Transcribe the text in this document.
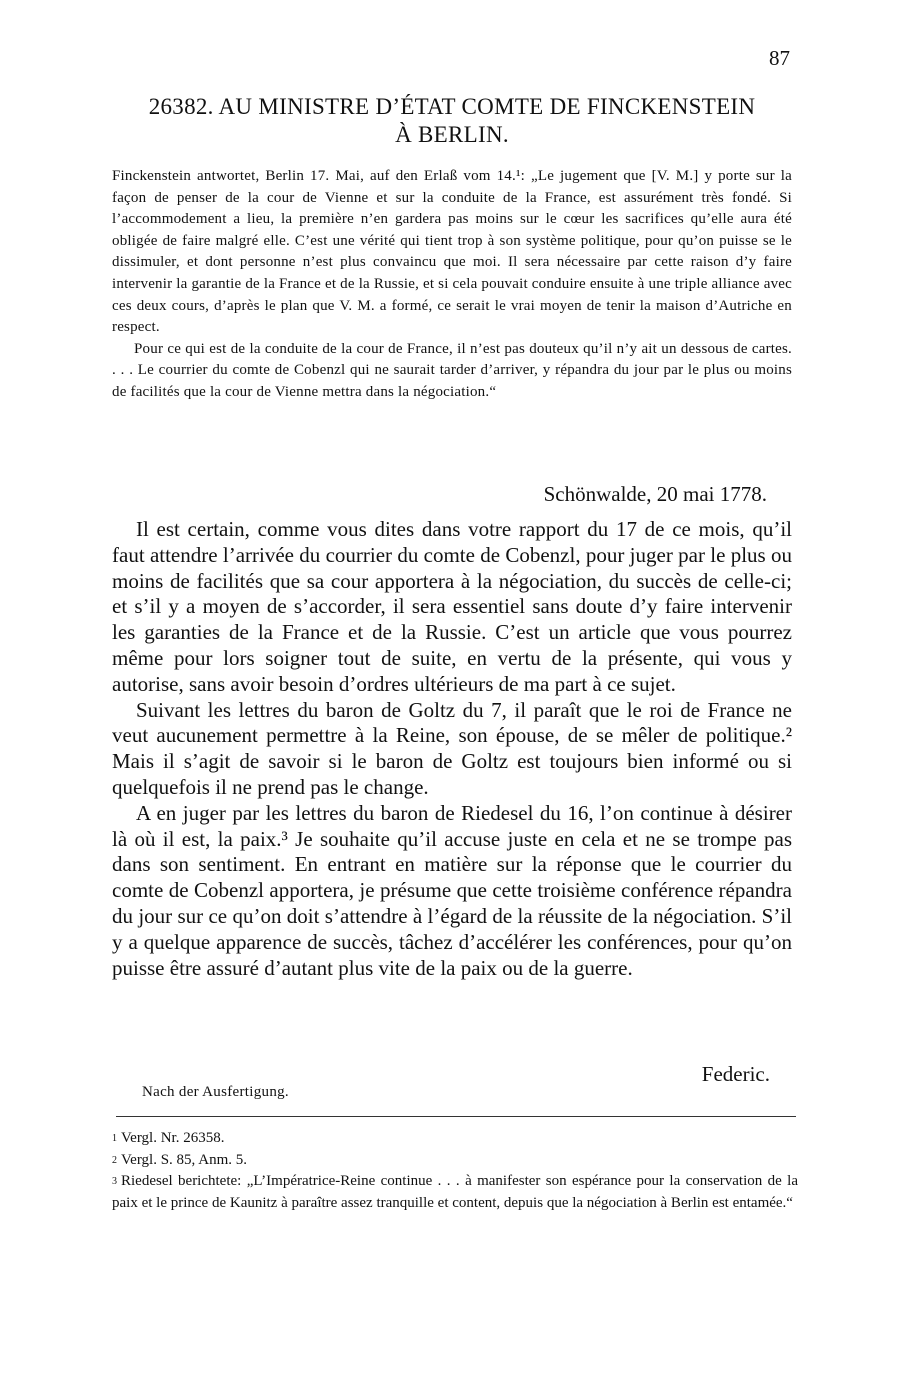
87
26382. AU MINISTRE D’ÉTAT COMTE DE FINCKENSTEIN
À BERLIN.

Finckenstein antwortet, Berlin 17. Mai, auf den Erlaß vom 14.¹: „Le jugement que [V. M.] y porte sur la façon de penser de la cour de Vienne et sur la conduite de la France, est assurément très fondé. Si l’accommodement a lieu, la première n’en gardera pas moins sur le cœur les sacrifices qu’elle aura été obligée de faire malgré elle. C’est une vérité qui tient trop à son système politique, pour qu’on puisse se le dissimuler, et dont personne n’est plus convaincu que moi. Il sera nécessaire par cette raison d’y faire intervenir la garantie de la France et de la Russie, et si cela pouvait conduire ensuite à une triple alliance avec ces deux cours, d’après le plan que V. M. a formé, ce serait le vrai moyen de tenir la maison d’Autriche en respect.

Pour ce qui est de la conduite de la cour de France, il n’est pas douteux qu’il n’y ait un dessous de cartes. . . . Le courrier du comte de Cobenzl qui ne saurait tarder d’arriver, y répandra du jour par le plus ou moins de facilités que la cour de Vienne mettra dans la négociation.“

Schönwalde, 20 mai 1778.

Il est certain, comme vous dites dans votre rapport du 17 de ce mois, qu’il faut attendre l’arrivée du courrier du comte de Cobenzl, pour juger par le plus ou moins de facilités que sa cour apportera à la négociation, du succès de celle-ci; et s’il y a moyen de s’accorder, il sera essentiel sans doute d’y faire intervenir les garanties de la France et de la Russie. C’est un article que vous pourrez même pour lors soigner tout de suite, en vertu de la présente, qui vous y autorise, sans avoir besoin d’ordres ultérieurs de ma part à ce sujet.

Suivant les lettres du baron de Goltz du 7, il paraît que le roi de France ne veut aucunement permettre à la Reine, son épouse, de se mêler de politique.² Mais il s’agit de savoir si le baron de Goltz est toujours bien informé ou si quelquefois il ne prend pas le change.

A en juger par les lettres du baron de Riedesel du 16, l’on continue à désirer là où il est, la paix.³ Je souhaite qu’il accuse juste en cela et ne se trompe pas dans son sentiment. En entrant en matière sur la réponse que le courrier du comte de Cobenzl apportera, je présume que cette troisième conférence répandra du jour sur ce qu’on doit s’attendre à l’égard de la réussite de la négociation. S’il y a quelque apparence de succès, tâchez d’accélérer les conférences, pour qu’on puisse être assuré d’autant plus vite de la paix ou de la guerre.

Federic.
Nach der Ausfertigung.

$^1$ Vergl. Nr. 26358.

$^2$ Vergl. S. 85, Anm. 5.

$^3$ Riedesel berichtete: „L’Impératrice-Reine continue . . . à manifester son espérance pour la conservation de la paix et le prince de Kaunitz à paraître assez tranquille et content, depuis que la négociation à Berlin est entamée.“
